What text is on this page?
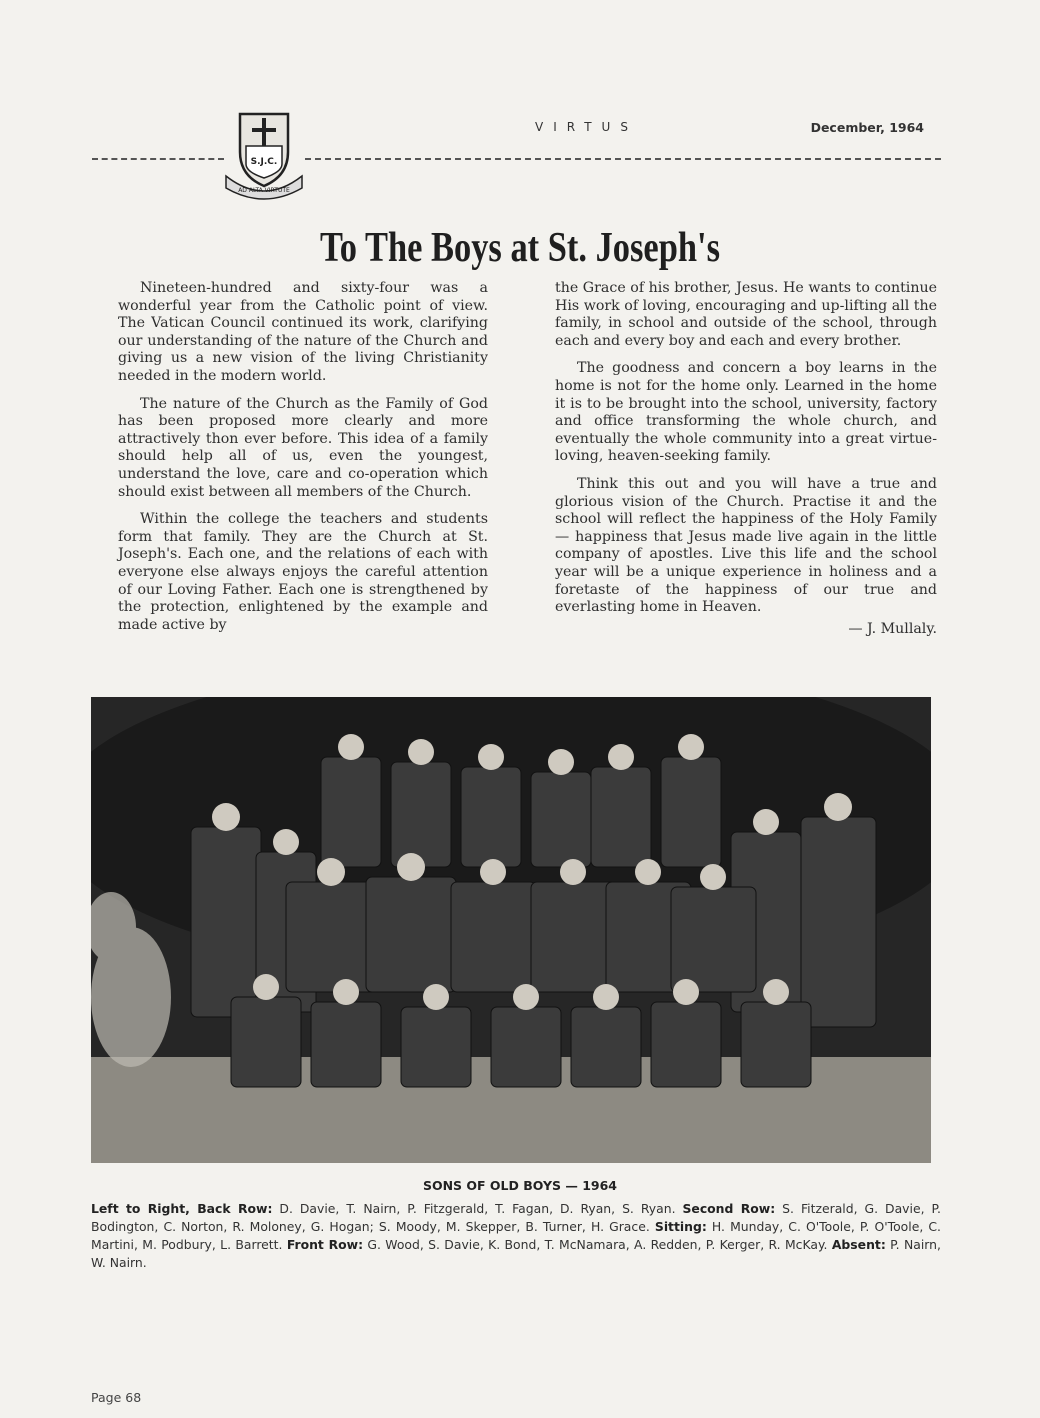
S.J.C.
AD ALTA VIRTUTE
VIRTUS	December, 1964
To The Boys at St. Joseph's

Nineteen-hundred and sixty-four was a wonderful year from the Catholic point of view. The Vatican Council continued its work, clarifying our understanding of the nature of the Church and giving us a new vision of the living Christianity needed in the modern world.

The nature of the Church as the Family of God has been proposed more clearly and more attractively thon ever before. This idea of a family should help all of us, even the youngest, understand the love, care and co-operation which should exist between all members of the Church.

Within the college the teachers and students form that family. They are the Church at St. Joseph's. Each one, and the relations of each with everyone else always enjoys the careful attention of our Loving Father. Each one is strengthened by the protection, enlightened by the example and made active by

the Grace of his brother, Jesus. He wants to continue His work of loving, encouraging and up-lifting all the family, in school and outside of the school, through each and every boy and each and every brother.

The goodness and concern a boy learns in the home is not for the home only. Learned in the home it is to be brought into the school, university, factory and office transforming the whole church, and eventually the whole community into a great virtue-loving, heaven-seeking family.

Think this out and you will have a true and glorious vision of the Church. Practise it and the school will reflect the happiness of the Holy Family — happiness that Jesus made live again in the little company of apostles. Live this life and the school year will be a unique experience in holiness and a foretaste of the happiness of our true and everlasting home in Heaven.

— J. Mullaly.
SONS OF OLD BOYS — 1964
Left to Right, Back Row: D. Davie, T. Nairn, P. Fitzgerald, T. Fagan, D. Ryan, S. Ryan. Second Row: S. Fitzerald, G. Davie, P. Bodington, C. Norton, R. Moloney, G. Hogan; S. Moody, M. Skepper, B. Turner, H. Grace. Sitting: H. Munday, C. O'Toole, P. O'Toole, C. Martini, M. Podbury, L. Barrett. Front Row: G. Wood, S. Davie, K. Bond, T. McNamara, A. Redden, P. Kerger, R. McKay. Absent: P. Nairn, W. Nairn.
Page 68
